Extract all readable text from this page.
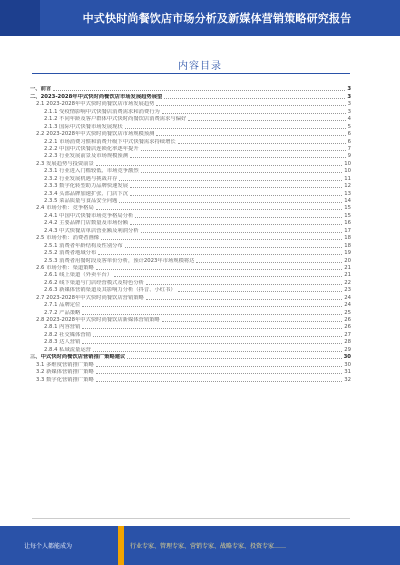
中式快时尚餐饮店市场分析及新媒体营销策略研究报告
内容目录
一、前言	3
二、2023-2028年中式快时尚餐饮店市场发展趋势展望	3
2.1 2023-2028年中式快时尚餐饮店市场发展趋势	3
2.1.1 受疫情影响中式快餐店消费需求和消费行为	3
2.1.2 不同年龄及客户群体中式快时尚餐饮店消费需求与偏好	4
2.1.3 国际中式快餐市场发展现状	5
2.2 2023-2028年中式快时尚餐饮店市场规模预测	6
2.2.1 市场消费习惯和消费升级下中式快餐需求持续增长	6
2.2.2 中国中式快餐店连锁化率逐年提升	7
2.2.3 行业发展前景及市场规模预测	9
2.3 发展趋势与投资前景	10
2.3.1 行业进入门槛较低、市场竞争激烈	10
2.3.2 行业发展机遇与挑战并存	11
2.3.3 数字化转型助力品牌快速发展	12
2.3.4 头部品牌加速扩张、门店下沉	13
2.3.5 菜品质量与食品安全问题	14
2.4 市场分析：竞争格局	15
2.4.1 中国中式快餐市场竞争格局分析	15
2.4.2 主要品牌门店数量及市场份额	16
2.4.3 中式快餐店单店营业额及利润分析	17
2.5 市场分析：消费者画像	18
2.5.1 消费者年龄结构及性别分布	18
2.5.2 消费者地域分布	19
2.5.3 消费者用餐时段及客单价分析，预计2023年市场规模将达	20
2.6 市场分析：渠道策略	21
2.6.1 线上渠道（外卖平台）	21
2.6.2 线下渠道与门店经营模式及特色分析	22
2.6.3 新媒体营销渠道及其影响力分析（抖音、小红书）	23
2.7 2023-2028年中式快时尚餐饮店营销策略	24
2.7.1 品牌定位	24
2.7.2 产品策略	25
2.8 2023-2028年中式快时尚餐饮店新媒体营销策略	26
2.8.1 内容营销	26
2.8.2 社交媒体营销	27
2.8.3 达人营销	28
2.8.4 私域流量运营	29
三、中式快时尚餐饮店营销推广策略建议	30
3.1 多维度营销推广策略	30
3.2 新媒体营销推广策略	31
3.3 数字化营销推广策略	32
让每个人都能成为	行业专家、管理专家、营销专家、战略专家、投资专家……
